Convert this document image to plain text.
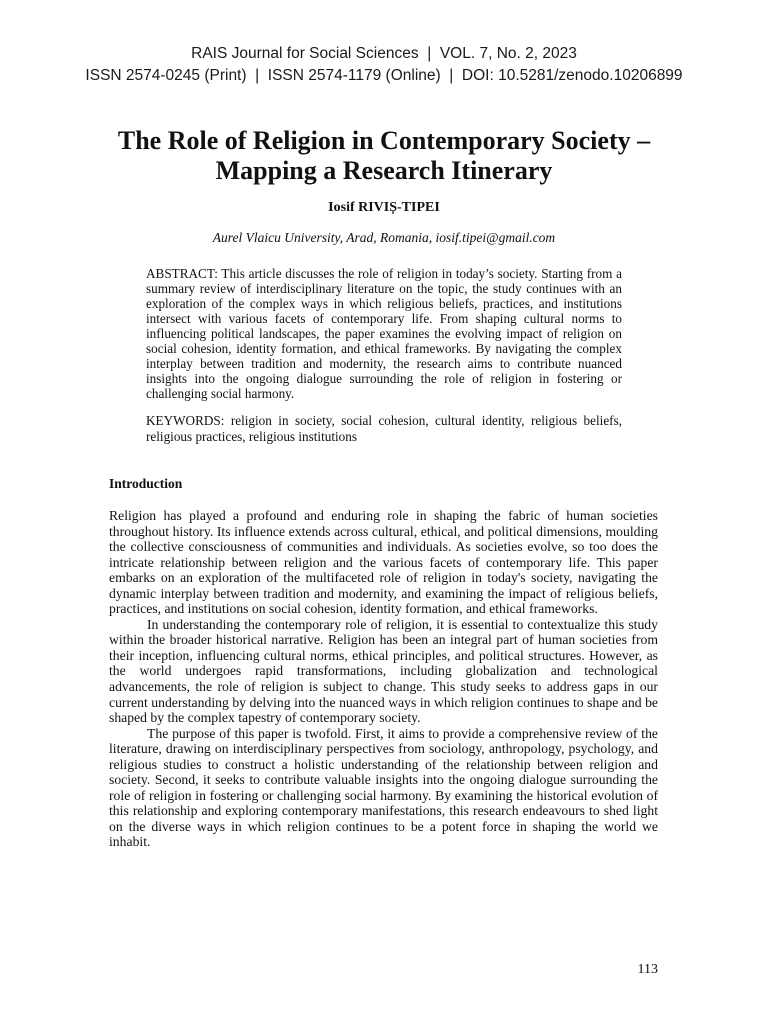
RAIS Journal for Social Sciences  |  VOL. 7, No. 2, 2023
ISSN 2574-0245 (Print)  |  ISSN 2574-1179 (Online)  |  DOI: 10.5281/zenodo.10206899
The Role of Religion in Contemporary Society –
Mapping a Research Itinerary
Iosif RIVIȘ-TIPEI
Aurel Vlaicu University, Arad, Romania, iosif.tipei@gmail.com
ABSTRACT: This article discusses the role of religion in today’s society. Starting from a summary review of interdisciplinary literature on the topic, the study continues with an exploration of the complex ways in which religious beliefs, practices, and institutions intersect with various facets of contemporary life. From shaping cultural norms to influencing political landscapes, the paper examines the evolving impact of religion on social cohesion, identity formation, and ethical frameworks. By navigating the complex interplay between tradition and modernity, the research aims to contribute nuanced insights into the ongoing dialogue surrounding the role of religion in fostering or challenging social harmony.
KEYWORDS: religion in society, social cohesion, cultural identity, religious beliefs, religious practices, religious institutions
Introduction

Religion has played a profound and enduring role in shaping the fabric of human societies throughout history. Its influence extends across cultural, ethical, and political dimensions, moulding the collective consciousness of communities and individuals. As societies evolve, so too does the intricate relationship between religion and the various facets of contemporary life. This paper embarks on an exploration of the multifaceted role of religion in today's society, navigating the dynamic interplay between tradition and modernity, and examining the impact of religious beliefs, practices, and institutions on social cohesion, identity formation, and ethical frameworks.

In understanding the contemporary role of religion, it is essential to contextualize this study within the broader historical narrative. Religion has been an integral part of human societies from their inception, influencing cultural norms, ethical principles, and political structures. However, as the world undergoes rapid transformations, including globalization and technological advancements, the role of religion is subject to change. This study seeks to address gaps in our current understanding by delving into the nuanced ways in which religion continues to shape and be shaped by the complex tapestry of contemporary society.

The purpose of this paper is twofold. First, it aims to provide a comprehensive review of the literature, drawing on interdisciplinary perspectives from sociology, anthropology, psychology, and religious studies to construct a holistic understanding of the relationship between religion and society. Second, it seeks to contribute valuable insights into the ongoing dialogue surrounding the role of religion in fostering or challenging social harmony. By examining the historical evolution of this relationship and exploring contemporary manifestations, this research endeavours to shed light on the diverse ways in which religion continues to be a potent force in shaping the world we inhabit.

113
